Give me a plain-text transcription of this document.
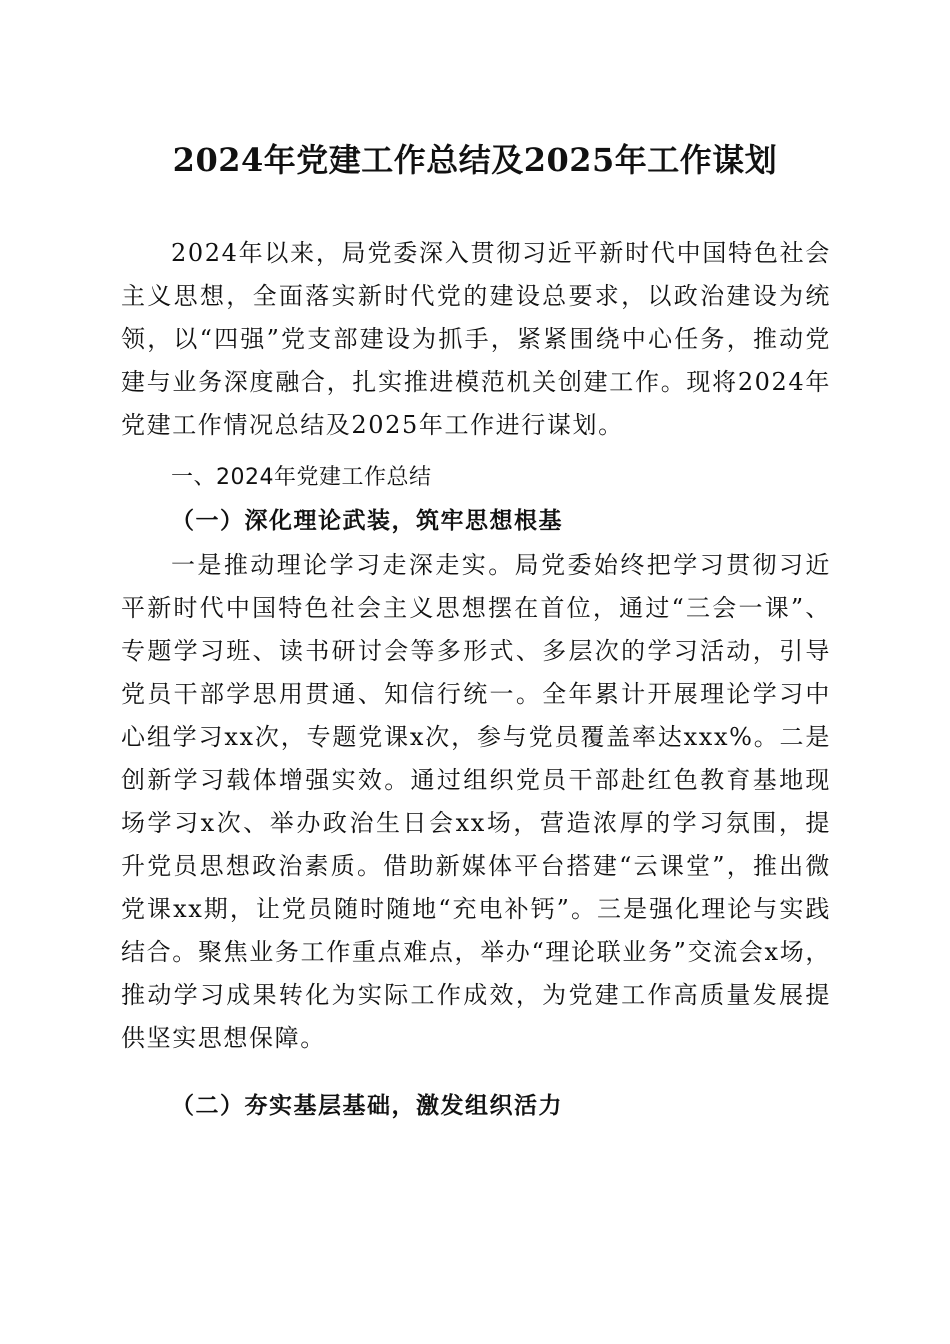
2024年党建工作总结及2025年工作谋划

2024年以来，局党委深入贯彻习近平新时代中国特色社会主义思想，全面落实新时代党的建设总要求，以政治建设为统领，以“四强”党支部建设为抓手，紧紧围绕中心任务，推动党建与业务深度融合，扎实推进模范机关创建工作。现将2024年党建工作情况总结及2025年工作进行谋划。

一、2024年党建工作总结

（一）深化理论武装，筑牢思想根基

一是推动理论学习走深走实。局党委始终把学习贯彻习近平新时代中国特色社会主义思想摆在首位，通过“三会一课”、专题学习班、读书研讨会等多形式、多层次的学习活动，引导党员干部学思用贯通、知信行统一。全年累计开展理论学习中心组学习xx次，专题党课x次，参与党员覆盖率达xxx%。二是创新学习载体增强实效。通过组织党员干部赴红色教育基地现场学习x次、举办政治生日会xx场，营造浓厚的学习氛围，提升党员思想政治素质。借助新媒体平台搭建“云课堂”，推出微党课xx期，让党员随时随地“充电补钙”。三是强化理论与实践结合。聚焦业务工作重点难点，举办“理论联业务”交流会x场，推动学习成果转化为实际工作成效，为党建工作高质量发展提供坚实思想保障。

（二）夯实基层基础，激发组织活力
